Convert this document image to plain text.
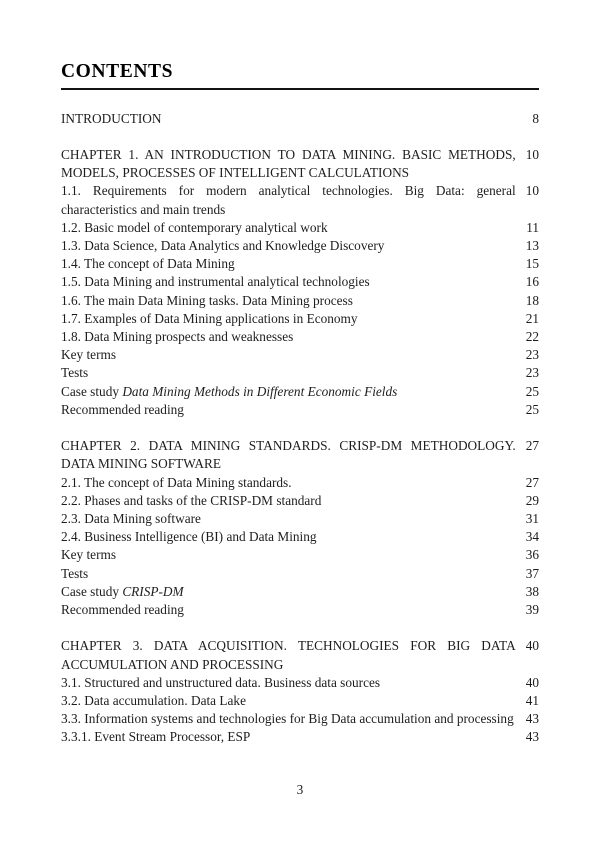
CONTENTS

8
INTRODUCTION

10
CHAPTER 1. AN INTRODUCTION TO DATA MINING. BASIC METHODS, MODELS, PROCESSES OF INTELLIGENT CALCULATIONS

10
1.1. Requirements for modern analytical technologies. Big Data: general characteristics and main trends

11
1.2. Basic model of contemporary analytical work

13
1.3. Data Science, Data Analytics and Knowledge Discovery

15
1.4. The concept of Data Mining

16
1.5. Data Mining and instrumental analytical technologies

18
1.6. The main Data Mining tasks. Data Mining process

21
1.7. Examples of Data Mining applications in Economy

22
1.8. Data Mining prospects and weaknesses

23
Key terms

23
Tests

25
Case study Data Mining Methods in Different Economic Fields

25
Recommended reading

27
CHAPTER 2. DATA MINING STANDARDS. CRISP-DM METHODOLOGY. DATA MINING SOFTWARE

27
2.1. The concept of Data Mining standards.

29
2.2. Phases and tasks of the CRISP-DM standard

31
2.3. Data Mining software

34
2.4. Business Intelligence (BI) and Data Mining

36
Key terms

37
Tests

38
Case study CRISP-DM

39
Recommended reading

40
CHAPTER 3. DATA ACQUISITION. TECHNOLOGIES FOR BIG DATA ACCUMULATION AND PROCESSING

40
3.1. Structured and unstructured data. Business data sources

41
3.2. Data accumulation. Data Lake

43
3.3. Information systems and technologies for Big Data accumulation and processing

43
3.3.1. Event Stream Processor, ESP

3
